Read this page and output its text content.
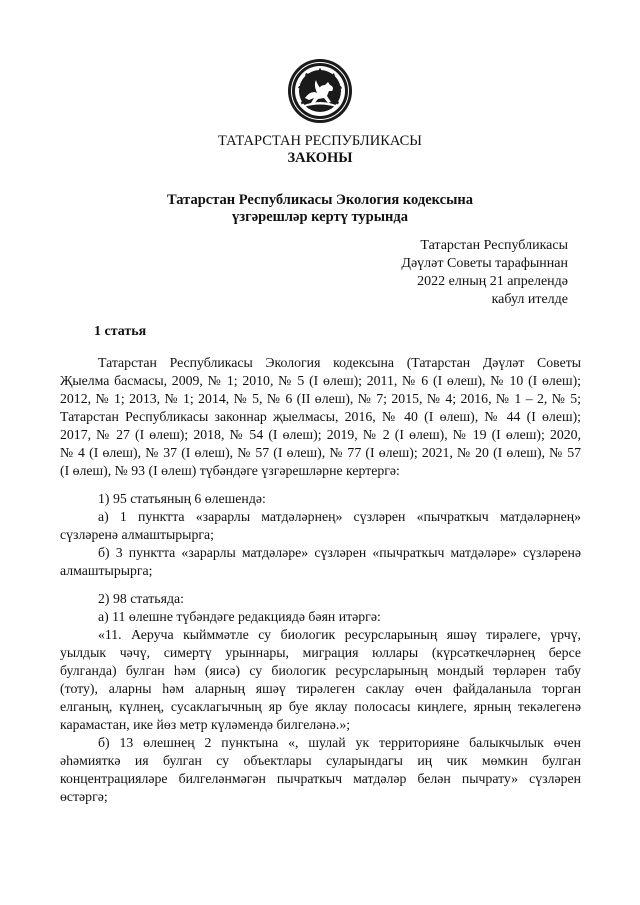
ТАТАРСТАН РЕСПУБЛИКАСЫ
ЗАКОНЫ
Татарстан Республикасы Экология кодексына
үзгәрешләр кертү турында
Татарстан Республикасы
Дәүләт Советы тарафыннан
2022 елның 21 апрелендә
кабул ителде
1 статья
Татарстан Республикасы Экология кодексына (Татарстан Дәүләт Советы
Җыелма басмасы, 2009, № 1; 2010, № 5 (I өлеш); 2011, № 6 (I өлеш), № 10 (I өлеш);
2012, № 1; 2013, № 1; 2014, № 5, № 6 (II өлеш), № 7; 2015, № 4; 2016, № 1 – 2, № 5;
Татарстан Республикасы законнар җыелмасы, 2016, № 40 (I өлеш), № 44 (I өлеш);
2017, № 27 (I өлеш); 2018, № 54 (I өлеш); 2019, № 2 (I өлеш), № 19 (I өлеш); 2020,
№ 4 (I өлеш), № 37 (I өлеш), № 57 (I өлеш), № 77 (I өлеш); 2021, № 20 (I өлеш), № 57
(I өлеш), № 93 (I өлеш) түбәндәге үзгәрешләрне кертергә:
1) 95 статьяның 6 өлешендә:
а) 1 пунктта «зарарлы матдәләрнең» сүзләрен «пычраткыч матдәләрнең»
сүзләренә алмаштырырга;
б) 3 пунктта «зарарлы матдәләре» сүзләрен «пычраткыч матдәләре» сүзләренә
алмаштырырга;
2) 98 статьяда:
а) 11 өлешне түбәндәге редакциядә бәян итәргә:
«11. Аеруча кыйммәтле су биологик ресурсларының яшәү тирәлеге, үрчү,
уылдык чәчү, симертү урыннары, миграция юллары (күрсәткечләрнең берсе
булганда) булган һәм (яисә) су биологик ресурсларының мондый төрләрен табу
(тоту), аларны һәм аларның яшәү тирәлеген саклау өчен файдаланыла торган
елганың, күлнең, сусаклагычның яр буе яклау полосасы киңлеге, ярның текәлегенә
карамастан, ике йөз метр күләмендә билгеләнә.»;
б) 13 өлешнең 2 пунктына «, шулай ук территорияне балыкчылык өчен
әһәмияткә ия булган су объектлары суларындагы иң чик мөмкин булган
концентрацияләре билгеләнмәгән пычраткыч матдәләр белән пычрату» сүзләрен
өстәргә;
